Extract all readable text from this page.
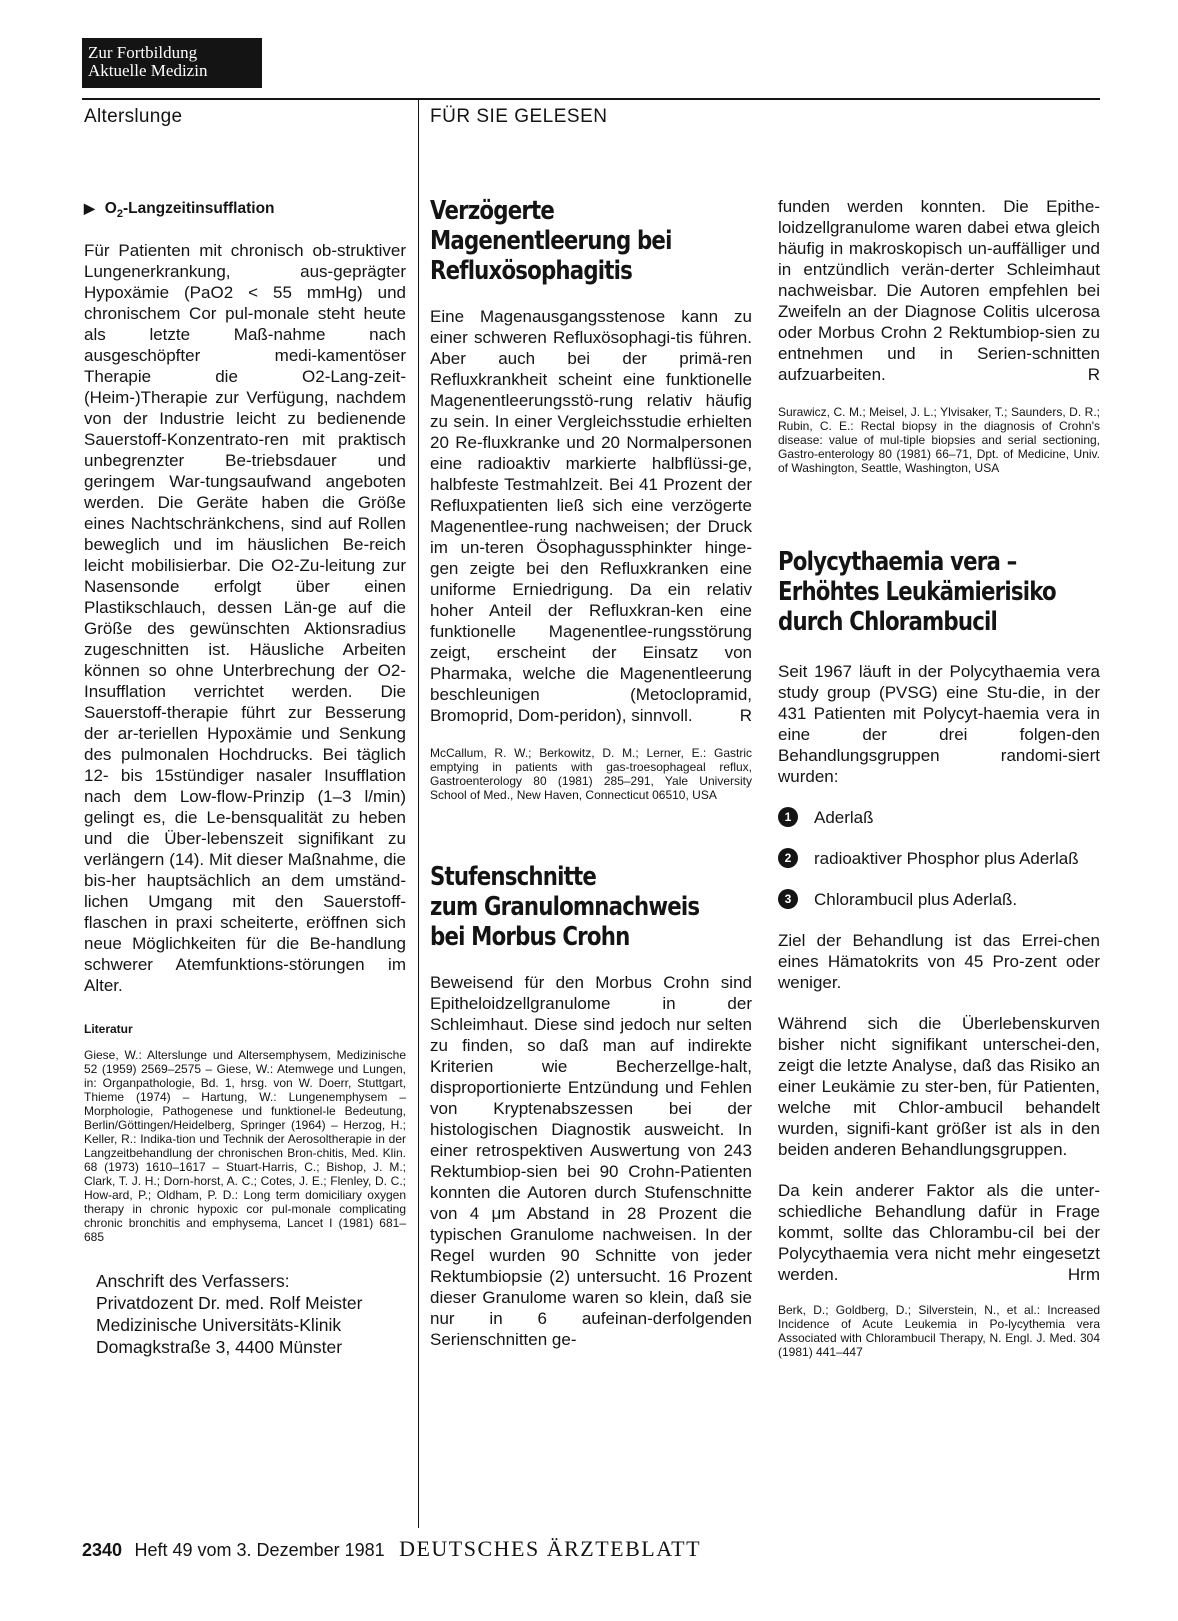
Zur Fortbildung
Aktuelle Medizin
Alterslunge	FÜR SIE GELESEN

▶ $O_2$-Langzeitinsufflation

Für Patienten mit chronisch ob-struktiver Lungenerkrankung, aus-geprägter Hypoxämie (PaO2 < 55 mmHg) und chronischem Cor pul-monale steht heute als letzte Maß-nahme nach ausgeschöpfter medi-kamentöser Therapie die O2-Lang-zeit-(Heim-)Therapie zur Verfügung, nachdem von der Industrie leicht zu bedienende Sauerstoff-Konzentrato-ren mit praktisch unbegrenzter Be-triebsdauer und geringem War-tungsaufwand angeboten werden. Die Geräte haben die Größe eines Nachtschränkchens, sind auf Rollen beweglich und im häuslichen Be-reich leicht mobilisierbar. Die O2-Zu-leitung zur Nasensonde erfolgt über einen Plastikschlauch, dessen Län-ge auf die Größe des gewünschten Aktionsradius zugeschnitten ist. Häusliche Arbeiten können so ohne Unterbrechung der O2-Insufflation verrichtet werden. Die Sauerstoff-therapie führt zur Besserung der ar-teriellen Hypoxämie und Senkung des pulmonalen Hochdrucks. Bei täglich 12- bis 15stündiger nasaler Insufflation nach dem Low-flow-Prinzip (1–3 l/min) gelingt es, die Le-bensqualität zu heben und die Über-lebenszeit signifikant zu verlängern (14). Mit dieser Maßnahme, die bis-her hauptsächlich an dem umständ-lichen Umgang mit den Sauerstoff-flaschen in praxi scheiterte, eröffnen sich neue Möglichkeiten für die Be-handlung schwerer Atemfunktions-störungen im Alter.

Literatur

Giese, W.: Alterslunge und Altersemphysem, Medizinische 52 (1959) 2569–2575 – Giese, W.: Atemwege und Lungen, in: Organpathologie, Bd. 1, hrsg. von W. Doerr, Stuttgart, Thieme (1974) – Hartung, W.: Lungenemphysem – Morphologie, Pathogenese und funktionel-le Bedeutung, Berlin/Göttingen/Heidelberg, Springer (1964) – Herzog, H.; Keller, R.: Indika-tion und Technik der Aerosoltherapie in der Langzeitbehandlung der chronischen Bron-chitis, Med. Klin. 68 (1973) 1610–1617 – Stuart-Harris, C.; Bishop, J. M.; Clark, T. J. H.; Dorn-horst, A. C.; Cotes, J. E.; Flenley, D. C.; How-ard, P.; Oldham, P. D.: Long term domiciliary oxygen therapy in chronic hypoxic cor pul-monale complicating chronic bronchitis and emphysema, Lancet I (1981) 681–685

Anschrift des Verfassers:
Privatdozent Dr. med. Rolf Meister
Medizinische Universitäts-Klinik
Domagkstraße 3, 4400 Münster
Verzögerte
Magenentleerung bei
Refluxösophagitis

Eine Magenausgangsstenose kann zu einer schweren Refluxösophagi-tis führen. Aber auch bei der primä-ren Refluxkrankheit scheint eine funktionelle Magenentleerungsstö-rung relativ häufig zu sein. In einer Vergleichsstudie erhielten 20 Re-fluxkranke und 20 Normalpersonen eine radioaktiv markierte halbflüssi-ge, halbfeste Testmahlzeit. Bei 41 Prozent der Refluxpatienten ließ sich eine verzögerte Magenentlee-rung nachweisen; der Druck im un-teren Ösophagussphinkter hinge-gen zeigte bei den Refluxkranken eine uniforme Erniedrigung. Da ein relativ hoher Anteil der Refluxkran-ken eine funktionelle Magenentlee-rungsstörung zeigt, erscheint der Einsatz von Pharmaka, welche die Magenentleerung beschleunigen (Metoclopramid, Bromoprid, Dom-peridon), sinnvoll.	R

McCallum, R. W.; Berkowitz, D. M.; Lerner, E.: Gastric emptying in patients with gas-troesophageal reflux, Gastroenterology 80 (1981) 285–291, Yale University School of Med., New Haven, Connecticut 06510, USA

Stufenschnitte
zum Granulomnachweis
bei Morbus Crohn

Beweisend für den Morbus Crohn sind Epitheloidzellgranulome in der Schleimhaut. Diese sind jedoch nur selten zu finden, so daß man auf indirekte Kriterien wie Becherzellge-halt, disproportionierte Entzündung und Fehlen von Kryptenabszessen bei der histologischen Diagnostik ausweicht. In einer retrospektiven Auswertung von 243 Rektumbiop-sien bei 90 Crohn-Patienten konnten die Autoren durch Stufenschnitte von 4 μm Abstand in 28 Prozent die typischen Granulome nachweisen. In der Regel wurden 90 Schnitte von jeder Rektumbiopsie (2) untersucht. 16 Prozent dieser Granulome waren so klein, daß sie nur in 6 aufeinan-derfolgenden Serienschnitten ge-

funden werden konnten. Die Epithe-loidzellgranulome waren dabei etwa gleich häufig in makroskopisch un-auffälliger und in entzündlich verän-derter Schleimhaut nachweisbar. Die Autoren empfehlen bei Zweifeln an der Diagnose Colitis ulcerosa oder Morbus Crohn 2 Rektumbiop-sien zu entnehmen und in Serien-schnitten aufzuarbeiten.	R

Surawicz, C. M.; Meisel, J. L.; Ylvisaker, T.; Saunders, D. R.; Rubin, C. E.: Rectal biopsy in the diagnosis of Crohn's disease: value of mul-tiple biopsies and serial sectioning, Gastro-enterology 80 (1981) 66–71, Dpt. of Medicine, Univ. of Washington, Seattle, Washington, USA

Polycythaemia vera –
Erhöhtes Leukämierisiko
durch Chlorambucil

Seit 1967 läuft in der Polycythaemia vera study group (PVSG) eine Stu-die, in der 431 Patienten mit Polycyt-haemia vera in eine der drei folgen-den Behandlungsgruppen randomi-siert wurden:

1	Aderlaß
2	radioaktiver Phosphor plus Aderlaß
3	Chlorambucil plus Aderlaß.

Ziel der Behandlung ist das Errei-chen eines Hämatokrits von 45 Pro-zent oder weniger.

Während sich die Überlebenskurven bisher nicht signifikant unterschei-den, zeigt die letzte Analyse, daß das Risiko an einer Leukämie zu ster-ben, für Patienten, welche mit Chlor-ambucil behandelt wurden, signifi-kant größer ist als in den beiden anderen Behandlungsgruppen.

Da kein anderer Faktor als die unter-schiedliche Behandlung dafür in Frage kommt, sollte das Chlorambu-cil bei der Polycythaemia vera nicht mehr eingesetzt werden.	Hrm

Berk, D.; Goldberg, D.; Silverstein, N., et al.: Increased Incidence of Acute Leukemia in Po-lycythemia vera Associated with Chlorambucil Therapy, N. Engl. J. Med. 304 (1981) 441–447

2340 Heft 49 vom 3. Dezember 1981 DEUTSCHES ÄRZTEBLATT
